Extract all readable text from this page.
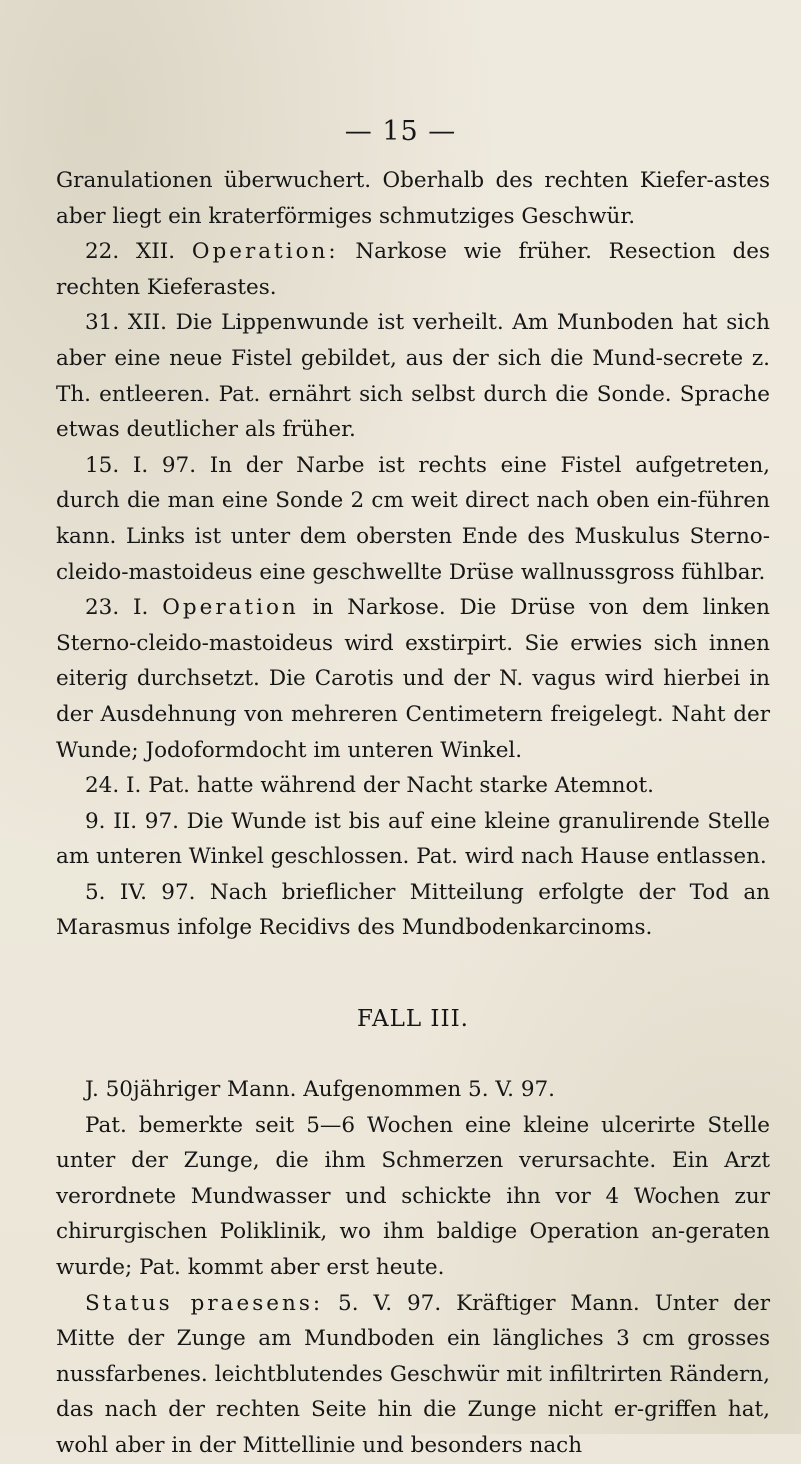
— 15 —

Granulationen überwuchert. Oberhalb des rechten Kiefer-astes aber liegt ein kraterförmiges schmutziges Geschwür.

22. XII. Operation: Narkose wie früher. Resection des rechten Kieferastes.

31. XII. Die Lippenwunde ist verheilt. Am Munboden hat sich aber eine neue Fistel gebildet, aus der sich die Mund-secrete z. Th. entleeren. Pat. ernährt sich selbst durch die Sonde. Sprache etwas deutlicher als früher.

15. I. 97. In der Narbe ist rechts eine Fistel aufgetreten, durch die man eine Sonde 2 cm weit direct nach oben ein-führen kann. Links ist unter dem obersten Ende des Muskulus Sterno-cleido-mastoideus eine geschwellte Drüse wallnussgross fühlbar.

23. I. Operation in Narkose. Die Drüse von dem linken Sterno-cleido-mastoideus wird exstirpirt. Sie erwies sich innen eiterig durchsetzt. Die Carotis und der N. vagus wird hierbei in der Ausdehnung von mehreren Centimetern freigelegt. Naht der Wunde; Jodoformdocht im unteren Winkel.

24. I. Pat. hatte während der Nacht starke Atemnot.

9. II. 97. Die Wunde ist bis auf eine kleine granulirende Stelle am unteren Winkel geschlossen. Pat. wird nach Hause entlassen.

5. IV. 97. Nach brieflicher Mitteilung erfolgte der Tod an Marasmus infolge Recidivs des Mundbodenkarcinoms.

FALL III.

J. 50jähriger Mann. Aufgenommen 5. V. 97.

Pat. bemerkte seit 5—6 Wochen eine kleine ulcerirte Stelle unter der Zunge, die ihm Schmerzen verursachte. Ein Arzt verordnete Mundwasser und schickte ihn vor 4 Wochen zur chirurgischen Poliklinik, wo ihm baldige Operation an-geraten wurde; Pat. kommt aber erst heute.

Status praesens: 5. V. 97. Kräftiger Mann. Unter der Mitte der Zunge am Mundboden ein längliches 3 cm grosses nussfarbenes. leichtblutendes Geschwür mit infiltrirten Rändern, das nach der rechten Seite hin die Zunge nicht er-griffen hat, wohl aber in der Mittellinie und besonders nach
